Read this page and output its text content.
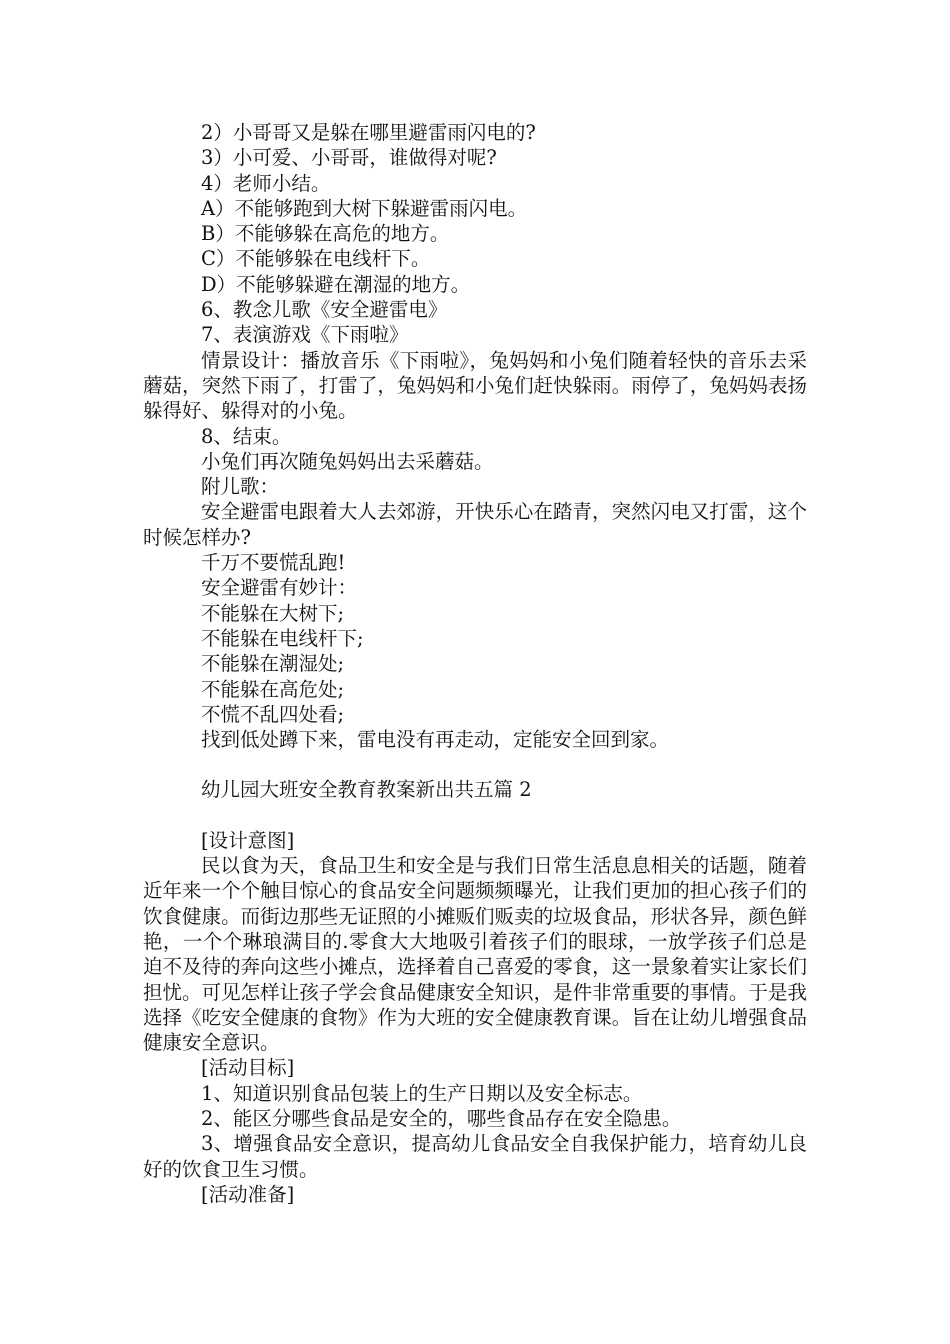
2）小哥哥又是躲在哪里避雷雨闪电的?

3）小可爱、小哥哥，谁做得对呢?

4）老师小结。

A）不能够跑到大树下躲避雷雨闪电。

B）不能够躲在高危的地方。

C）不能够躲在电线杆下。

D）不能够躲避在潮湿的地方。

6、教念儿歌《安全避雷电》

7、表演游戏《下雨啦》

情景设计：播放音乐《下雨啦》，兔妈妈和小兔们随着轻快的音乐去采蘑菇，突然下雨了，打雷了，兔妈妈和小兔们赶快躲雨。雨停了，兔妈妈表扬躲得好、躲得对的小兔。

8、结束。

小兔们再次随兔妈妈出去采蘑菇。

附儿歌：

安全避雷电跟着大人去郊游，开快乐心在踏青，突然闪电又打雷，这个时候怎样办?

千万不要慌乱跑!

安全避雷有妙计：

不能躲在大树下;

不能躲在电线杆下;

不能躲在潮湿处;

不能躲在高危处;

不慌不乱四处看;

找到低处蹲下来，雷电没有再走动，定能安全回到家。

幼儿园大班安全教育教案新出共五篇 2

[设计意图]

民以食为天，食品卫生和安全是与我们日常生活息息相关的话题，随着近年来一个个触目惊心的食品安全问题频频曝光，让我们更加的担心孩子们的饮食健康。而街边那些无证照的小摊贩们贩卖的垃圾食品，形状各异，颜色鲜艳，一个个琳琅满目的.零食大大地吸引着孩子们的眼球，一放学孩子们总是迫不及待的奔向这些小摊点，选择着自己喜爱的零食，这一景象着实让家长们担忧。可见怎样让孩子学会食品健康安全知识，是件非常重要的事情。于是我选择《吃安全健康的食物》作为大班的安全健康教育课。旨在让幼儿增强食品健康安全意识。

[活动目标]

1、知道识别食品包装上的生产日期以及安全标志。

2、能区分哪些食品是安全的，哪些食品存在安全隐患。

3、增强食品安全意识，提高幼儿食品安全自我保护能力，培育幼儿良好的饮食卫生习惯。

[活动准备]
